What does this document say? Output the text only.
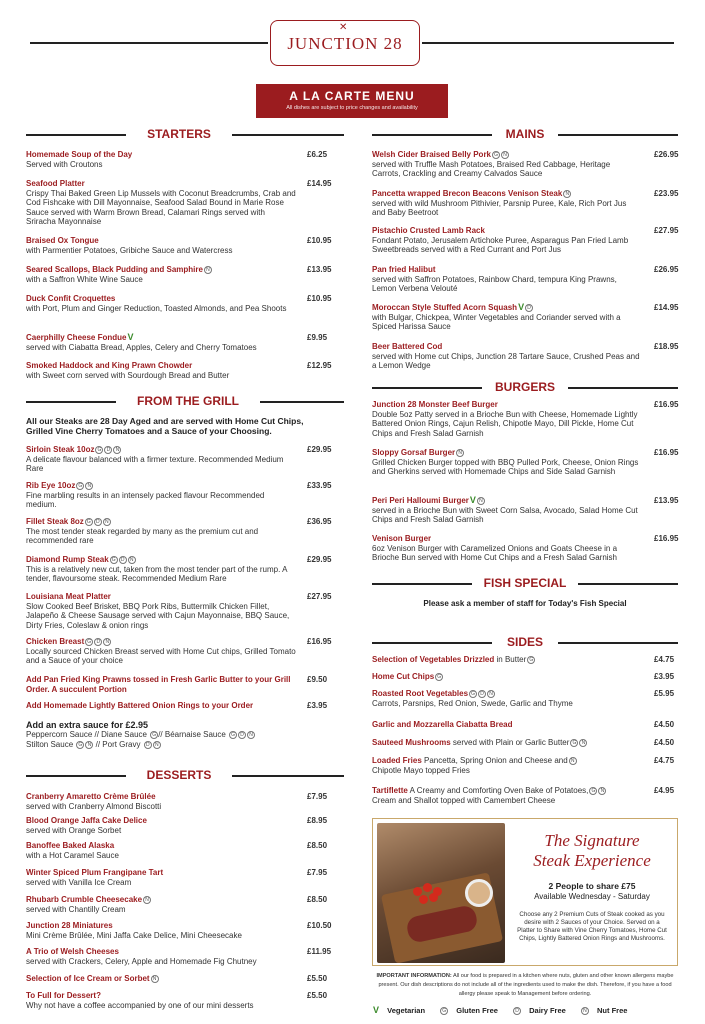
✕
JUNCTION 28
A LA CARTE MENU
All dishes are subject to price changes and availability
STARTERS
FROM THE GRILL
DESSERTS
MAINS
BURGERS
FISH SPECIAL
SIDES
Homemade Soup of the Day
Served with Croutons
£6.25
Seafood Platter
Crispy Thai Baked Green Lip Mussels with Coconut Breadcrumbs, Crab and Cod Fishcake with Dill Mayonnaise, Seafood Salad Bound in Marie Rose Sauce served with Warm Brown Bread, Calamari Rings served with Sriracha Mayonnaise
£14.95
Braised Ox Tongue
with Parmentier Potatoes, Gribiche Sauce and Watercress
£10.95
Seared Scallops, Black Pudding and Samphire N
with a Saffron White Wine Sauce
£13.95
Duck Confit Croquettes
with Port, Plum and Ginger Reduction, Toasted Almonds, and Pea Shoots
£10.95
Caerphilly Cheese FondueV
served with Ciabatta Bread, Apples, Celery and Cherry Tomatoes
£9.95
Smoked Haddock and King Prawn Chowder
with Sweet corn served with Sourdough Bread and Butter
£12.95
All our Steaks are 28 Day Aged and are served with Home Cut Chips, Grilled Vine Cherry Tomatoes and a Sauce of your Choosing.
Sirloin Steak 10oz G D N
A delicate flavour balanced with a firmer texture. Recommended Medium Rare
£29.95
Rib Eye 10oz G N
Fine marbling results in an intensely packed flavour Recommended medium.
£33.95
Fillet Steak 8oz G D N
The most tender steak regarded by many as the premium cut and recommended rare
£36.95
Diamond Rump Steak G D N
This is a relatively new cut, taken from the most tender part of the rump. A tender, flavoursome steak. Recommended Medium Rare
£29.95
Louisiana Meat Platter
Slow Cooked Beef Brisket, BBQ Pork Ribs, Buttermilk Chicken Fillet, Jalapeño & Cheese Sausage served with Cajun Mayonnaise, BBQ Sauce, Dirty Fries, Coleslaw & onion rings
£27.95
Chicken Breast G D N
Locally sourced Chicken Breast served with Home Cut chips, Grilled Tomato and a Sauce of your choice
£16.95
Add Pan Fried King Prawns tossed in Fresh Garlic Butter to your Grill Order. A succulent Portion
£9.50
Add Homemade Lightly Battered Onion Rings to your Order	£3.95
Add an extra sauce for £2.95
Peppercorn Sauce // Diane Sauce G // Béarnaise Sauce G D N
Stilton Sauce G N // Port Gravy D N
Cranberry Amaretto Crème Brûlée
served with Cranberry Almond Biscotti
£7.95
Blood Orange Jaffa Cake Delice
served with Orange Sorbet
£8.95
Banoffee Baked Alaska
with a Hot Caramel Sauce
£8.50
Winter Spiced Plum Frangipane Tart
served with Vanilla Ice Cream
£7.95
Rhubarb Crumble Cheesecake N
served with Chantilly Cream
£8.50
Junction 28 Miniatures
Mini Crème Brûlée, Mini Jaffa Cake Delice, Mini Cheesecake
£10.50
A Trio of Welsh Cheeses
served with Crackers, Celery, Apple and Homemade Fig Chutney
£11.95
Selection of Ice Cream or Sorbet N	£5.50
To Full for Dessert?
Why not have a coffee accompanied by one of our mini desserts
£5.50
Welsh Cider Braised Belly Pork G N
served with Truffle Mash Potatoes, Braised Red Cabbage, Heritage Carrots, Crackling and Creamy Calvados Sauce
£26.95
Pancetta wrapped Brecon Beacons Venison Steak N
served with wild Mushroom Pithivier, Parsnip Puree, Kale, Rich Port Jus and Baby Beetroot
£23.95
Pistachio Crusted Lamb Rack
Fondant Potato, Jerusalem Artichoke Puree, Asparagus Pan Fried Lamb Sweetbreads served with a Red Currant and Port Jus
£27.95
Pan fried Halibut
served with Saffron Potatoes, Rainbow Chard, tempura King Prawns, Lemon Verbena Velouté
£26.95
Moroccan Style Stuffed Acorn SquashV D
with Bulgar, Chickpea, Winter Vegetables and Coriander served with a Spiced Harissa Sauce
£14.95
Beer Battered Cod
served with Home cut Chips, Junction 28 Tartare Sauce, Crushed Peas and a Lemon Wedge
£18.95
Junction 28 Monster Beef Burger
Double 5oz Patty served in a Brioche Bun with Cheese, Homemade Lightly Battered Onion Rings, Cajun Relish, Chipotle Mayo, Dill Pickle, Home Cut Chips and Fresh Salad Garnish
£16.95
Sloppy Gorsaf Burger N
Grilled Chicken Burger topped with BBQ Pulled Pork, Cheese, Onion Rings and Gherkins served with Homemade Chips and Side Salad Garnish
£16.95
Peri Peri Halloumi BurgerV N
served in a Brioche Bun with Sweet Corn Salsa, Avocado, Salad Home Cut Chips and Fresh Salad Garnish
£13.95
Venison Burger
6oz Venison Burger with Caramelized Onions and Goats Cheese in a Brioche Bun served with Home Cut Chips and a Fresh Salad Garnish
£16.95
Please ask a member of staff for Today's Fish Special
Selection of Vegetables Drizzled in Butter G	£4.75
Home Cut Chips G	£3.95
Roasted Root Vegetables G D N
Carrots, Parsnips, Red Onion, Swede, Garlic and Thyme
£5.95
Garlic and Mozzarella Ciabatta Bread	£4.50
Sauteed Mushrooms served with Plain or Garlic Butter G N	£4.50
Loaded Fries Pancetta, Spring Onion and Cheese and N
Chipotle Mayo topped Fries
£4.75
Tartiflette A Creamy and Comforting Oven Bake of Potatoes, G N
Cream and Shallot topped with Camembert Cheese
£4.95
The Signature
Steak Experience
2 People to share £75
Available Wednesday - Saturday
Choose any 2 Premium Cuts of Steak cooked as you desire with 2 Sauces of your Choice. Served on a Platter to Share with Vine Cherry Tomatoes, Home Cut Chips, Lightly Battered Onion Rings and Mushrooms.
IMPORTANT INFORMATION: All our food is prepared in a kitchen where nuts, gluten and other known allergens maybe present. Our dish descriptions do not include all of the ingredients used to make the dish. Therefore, if you have a food allergy please speak to Management before ordering.
V Vegetarian	G Gluten Free	D Dairy Free	N Nut Free
